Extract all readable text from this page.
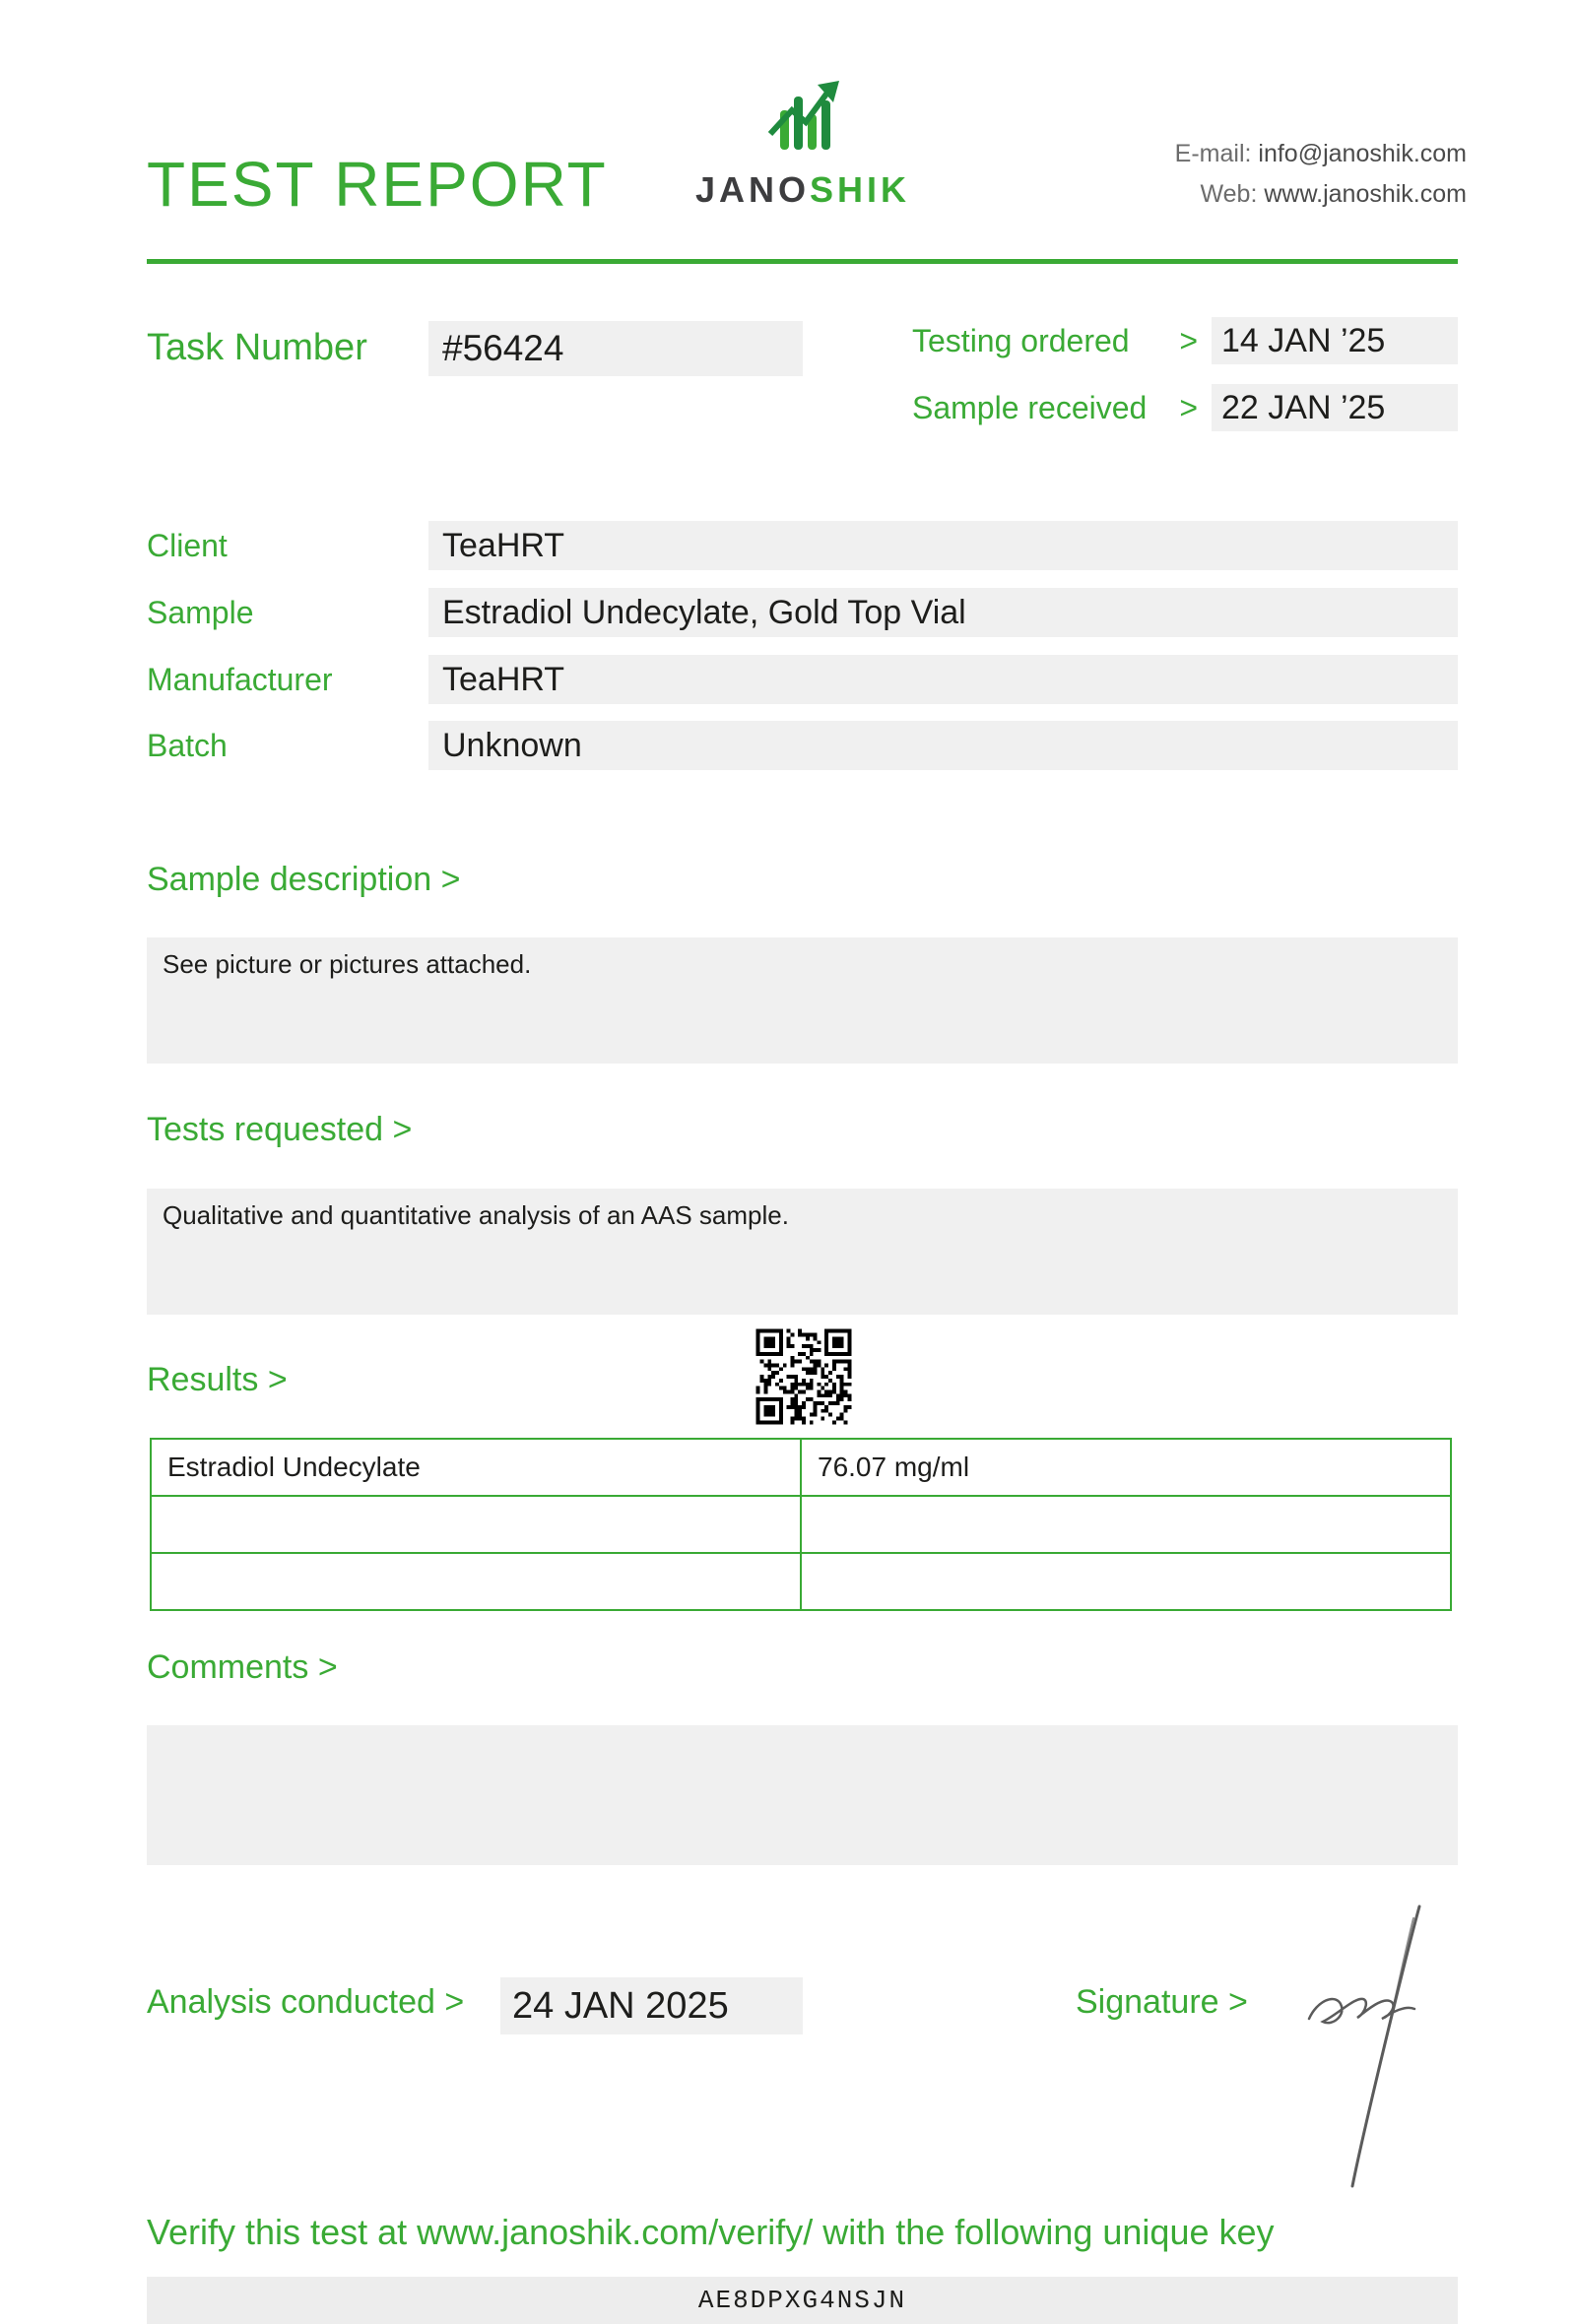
TEST REPORT	JANOSHIK
E-mail: info@janoshik.com
Web: www.janoshik.com
Task Number	#56424	Testing ordered > 14 JAN ’25
Sample received > 22 JAN ’25
Client	TeaHRT
Sample	Estradiol Undecylate, Gold Top Vial
Manufacturer	TeaHRT
Batch	Unknown
Sample description >
See picture or pictures attached.
Tests requested >
Qualitative and quantitative analysis of an AAS sample.
Results >
Estradiol Undecylate	76.07 mg/ml

Comments >
Analysis conducted >	24 JAN 2025	Signature >
Verify this test at www.janoshik.com/verify/ with the following unique key
AE8DPXG4NSJN
